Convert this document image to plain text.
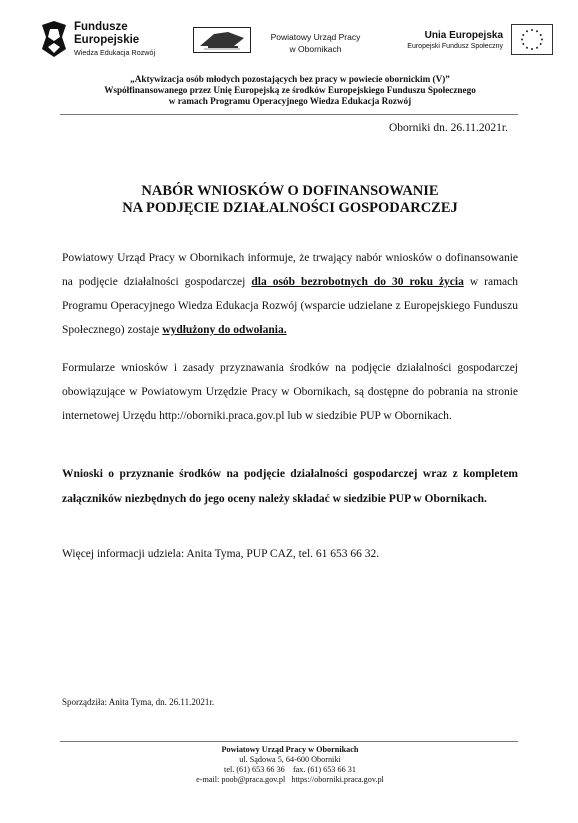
Fundusze
Europejskie
Wiedza Edukacja Rozwój
Powiatowy Urząd Pracy
w Obornikach
Unia Europejska
Europejski Fundusz Społeczny
„Aktywizacja osób młodych pozostających bez pracy w powiecie obornickim (V)”
Współfinansowanego przez Unię Europejską ze środków Europejskiego Funduszu Społecznego
w ramach Programu Operacyjnego Wiedza Edukacja Rozwój
Oborniki dn. 26.11.2021r.
NABÓR WNIOSKÓW O DOFINANSOWANIE
NA PODJĘCIE DZIAŁALNOŚCI GOSPODARCZEJ
Powiatowy Urząd Pracy w Obornikach informuje, że trwający nabór wniosków o dofinansowanie na podjęcie działalności gospodarczej dla osób bezrobotnych do 30 roku życia w ramach Programu Operacyjnego Wiedza Edukacja Rozwój (wsparcie udzielane z Europejskiego Funduszu Społecznego) zostaje wydłużony do odwołania.
Formularze wniosków i zasady przyznawania środków na podjęcie działalności gospodarczej obowiązujące w Powiatowym Urzędzie Pracy w Obornikach, są dostępne do pobrania na stronie internetowej Urzędu http://oborniki.praca.gov.pl lub w siedzibie PUP w Obornikach.
Wnioski o przyznanie środków na podjęcie działalności gospodarczej wraz z kompletem załączników niezbędnych do jego oceny należy składać w siedzibie PUP w Obornikach.
Więcej informacji udziela: Anita Tyma, PUP CAZ, tel. 61 653 66 32.
Sporządziła: Anita Tyma, dn. 26.11.2021r.
Powiatowy Urząd Pracy w Obornikach
ul. Sądowa 5, 64-600 Oborniki
tel. (61) 653 66 36    fax. (61) 653 66 31
e-mail: poob@praca.gov.pl   https://oborniki.praca.gov.pl
